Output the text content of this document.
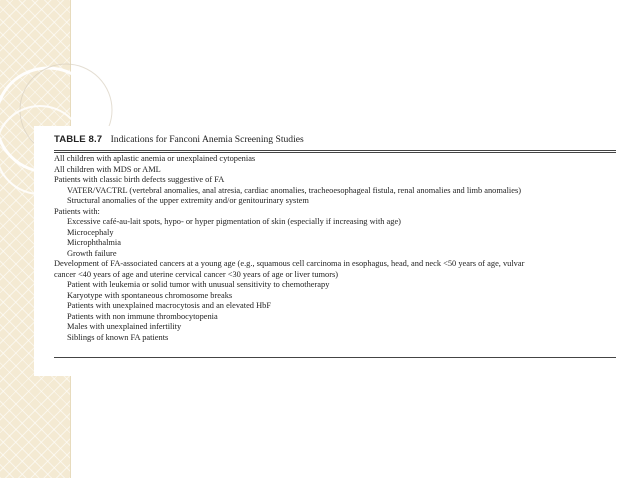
TABLE 8.7 Indications for Fanconi Anemia Screening Studies
All children with aplastic anemia or unexplained cytopenias
All children with MDS or AML
Patients with classic birth defects suggestive of FA
VATER/VACTRL (vertebral anomalies, anal atresia, cardiac anomalies, tracheoesophageal fistula, renal anomalies and limb anomalies)
Structural anomalies of the upper extremity and/or genitourinary system
Patients with:
Excessive café-au-lait spots, hypo- or hyper pigmentation of skin (especially if increasing with age)
Microcephaly
Microphthalmia
Growth failure
Development of FA-associated cancers at a young age (e.g., squamous cell carcinoma in esophagus, head, and neck <50 years of age, vulvar
cancer <40 years of age and uterine cervical cancer <30 years of age or liver tumors)
Patient with leukemia or solid tumor with unusual sensitivity to chemotherapy
Karyotype with spontaneous chromosome breaks
Patients with unexplained macrocytosis and an elevated HbF
Patients with non immune thrombocytopenia
Males with unexplained infertility
Siblings of known FA patients
